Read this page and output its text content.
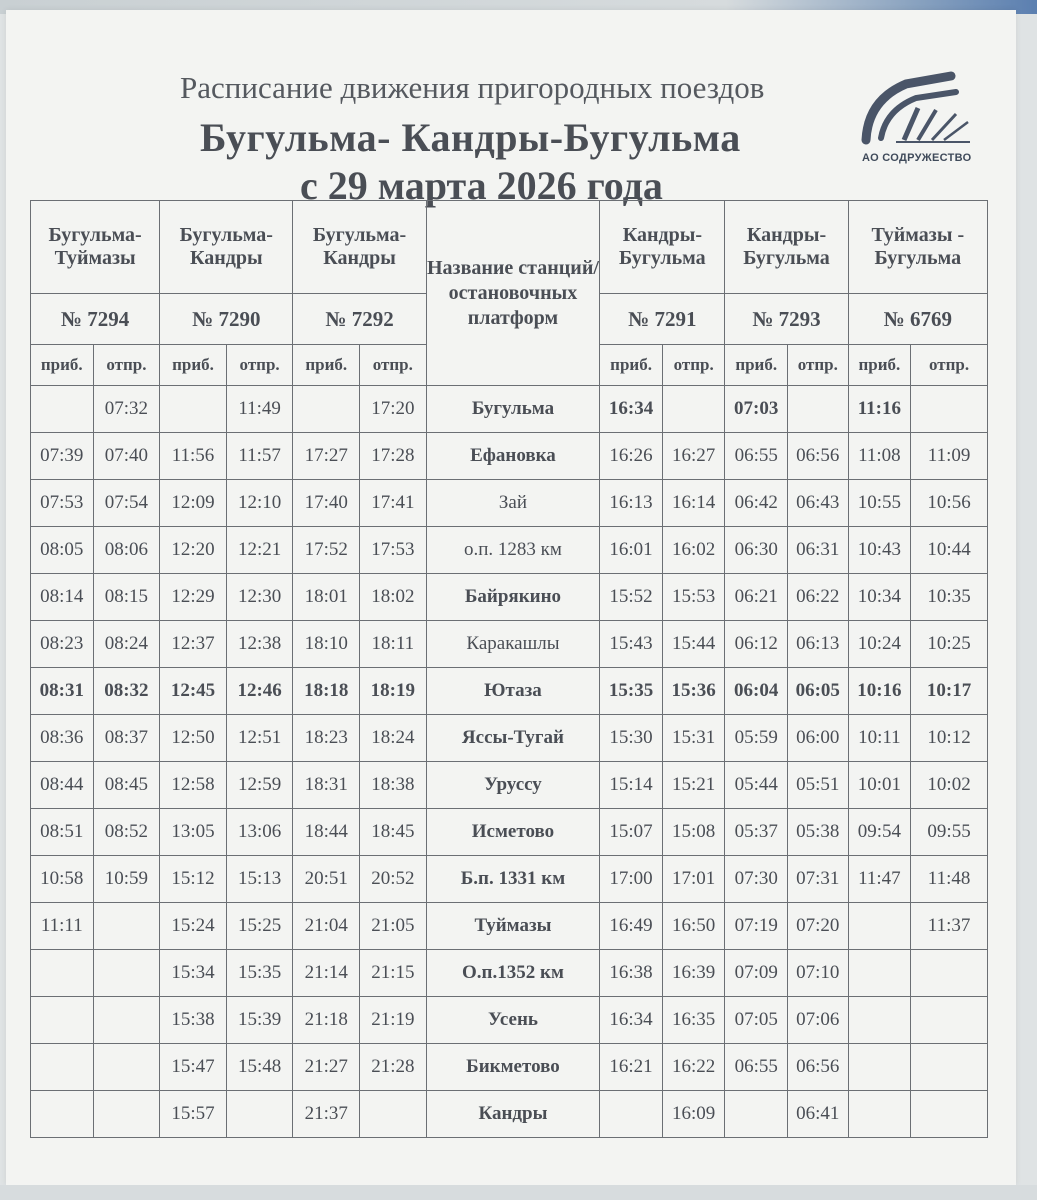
Расписание движения пригородных поездов
Бугульма- Кандры-Бугульма
с 29 марта 2026 года
АО СОДРУЖЕСТВО
Бугульма-Туймазы		Бугульма-Кандры		Бугульма-Кандры		Название станций/ остановочных платформ	Кандры-Бугульма		Кандры-Бугульма		Туймазы - Бугульма	
№ 7294		№ 7290		№ 7292			№ 7291		№ 7293		№ 6769	
приб.	отпр.	приб.	отпр.	приб.	отпр.		приб.	отпр.	приб.	отпр.	приб.	отпр.
	07:32		11:49		17:20	Бугульма	16:34		07:03		11:16	
07:39	07:40	11:56	11:57	17:27	17:28	Ефановка	16:26	16:27	06:55	06:56	11:08	11:09
07:53	07:54	12:09	12:10	17:40	17:41	Зай	16:13	16:14	06:42	06:43	10:55	10:56
08:05	08:06	12:20	12:21	17:52	17:53	о.п. 1283 км	16:01	16:02	06:30	06:31	10:43	10:44
08:14	08:15	12:29	12:30	18:01	18:02	Байрякино	15:52	15:53	06:21	06:22	10:34	10:35
08:23	08:24	12:37	12:38	18:10	18:11	Каракашлы	15:43	15:44	06:12	06:13	10:24	10:25
08:31	08:32	12:45	12:46	18:18	18:19	Ютаза	15:35	15:36	06:04	06:05	10:16	10:17
08:36	08:37	12:50	12:51	18:23	18:24	Яссы-Тугай	15:30	15:31	05:59	06:00	10:11	10:12
08:44	08:45	12:58	12:59	18:31	18:38	Уруссу	15:14	15:21	05:44	05:51	10:01	10:02
08:51	08:52	13:05	13:06	18:44	18:45	Исметово	15:07	15:08	05:37	05:38	09:54	09:55
10:58	10:59	15:12	15:13	20:51	20:52	Б.п. 1331 км	17:00	17:01	07:30	07:31	11:47	11:48
11:11		15:24	15:25	21:04	21:05	Туймазы	16:49	16:50	07:19	07:20		11:37
		15:34	15:35	21:14	21:15	О.п.1352 км	16:38	16:39	07:09	07:10		
		15:38	15:39	21:18	21:19	Усень	16:34	16:35	07:05	07:06		
		15:47	15:48	21:27	21:28	Бикметово	16:21	16:22	06:55	06:56		
		15:57		21:37		Кандры		16:09		06:41		
